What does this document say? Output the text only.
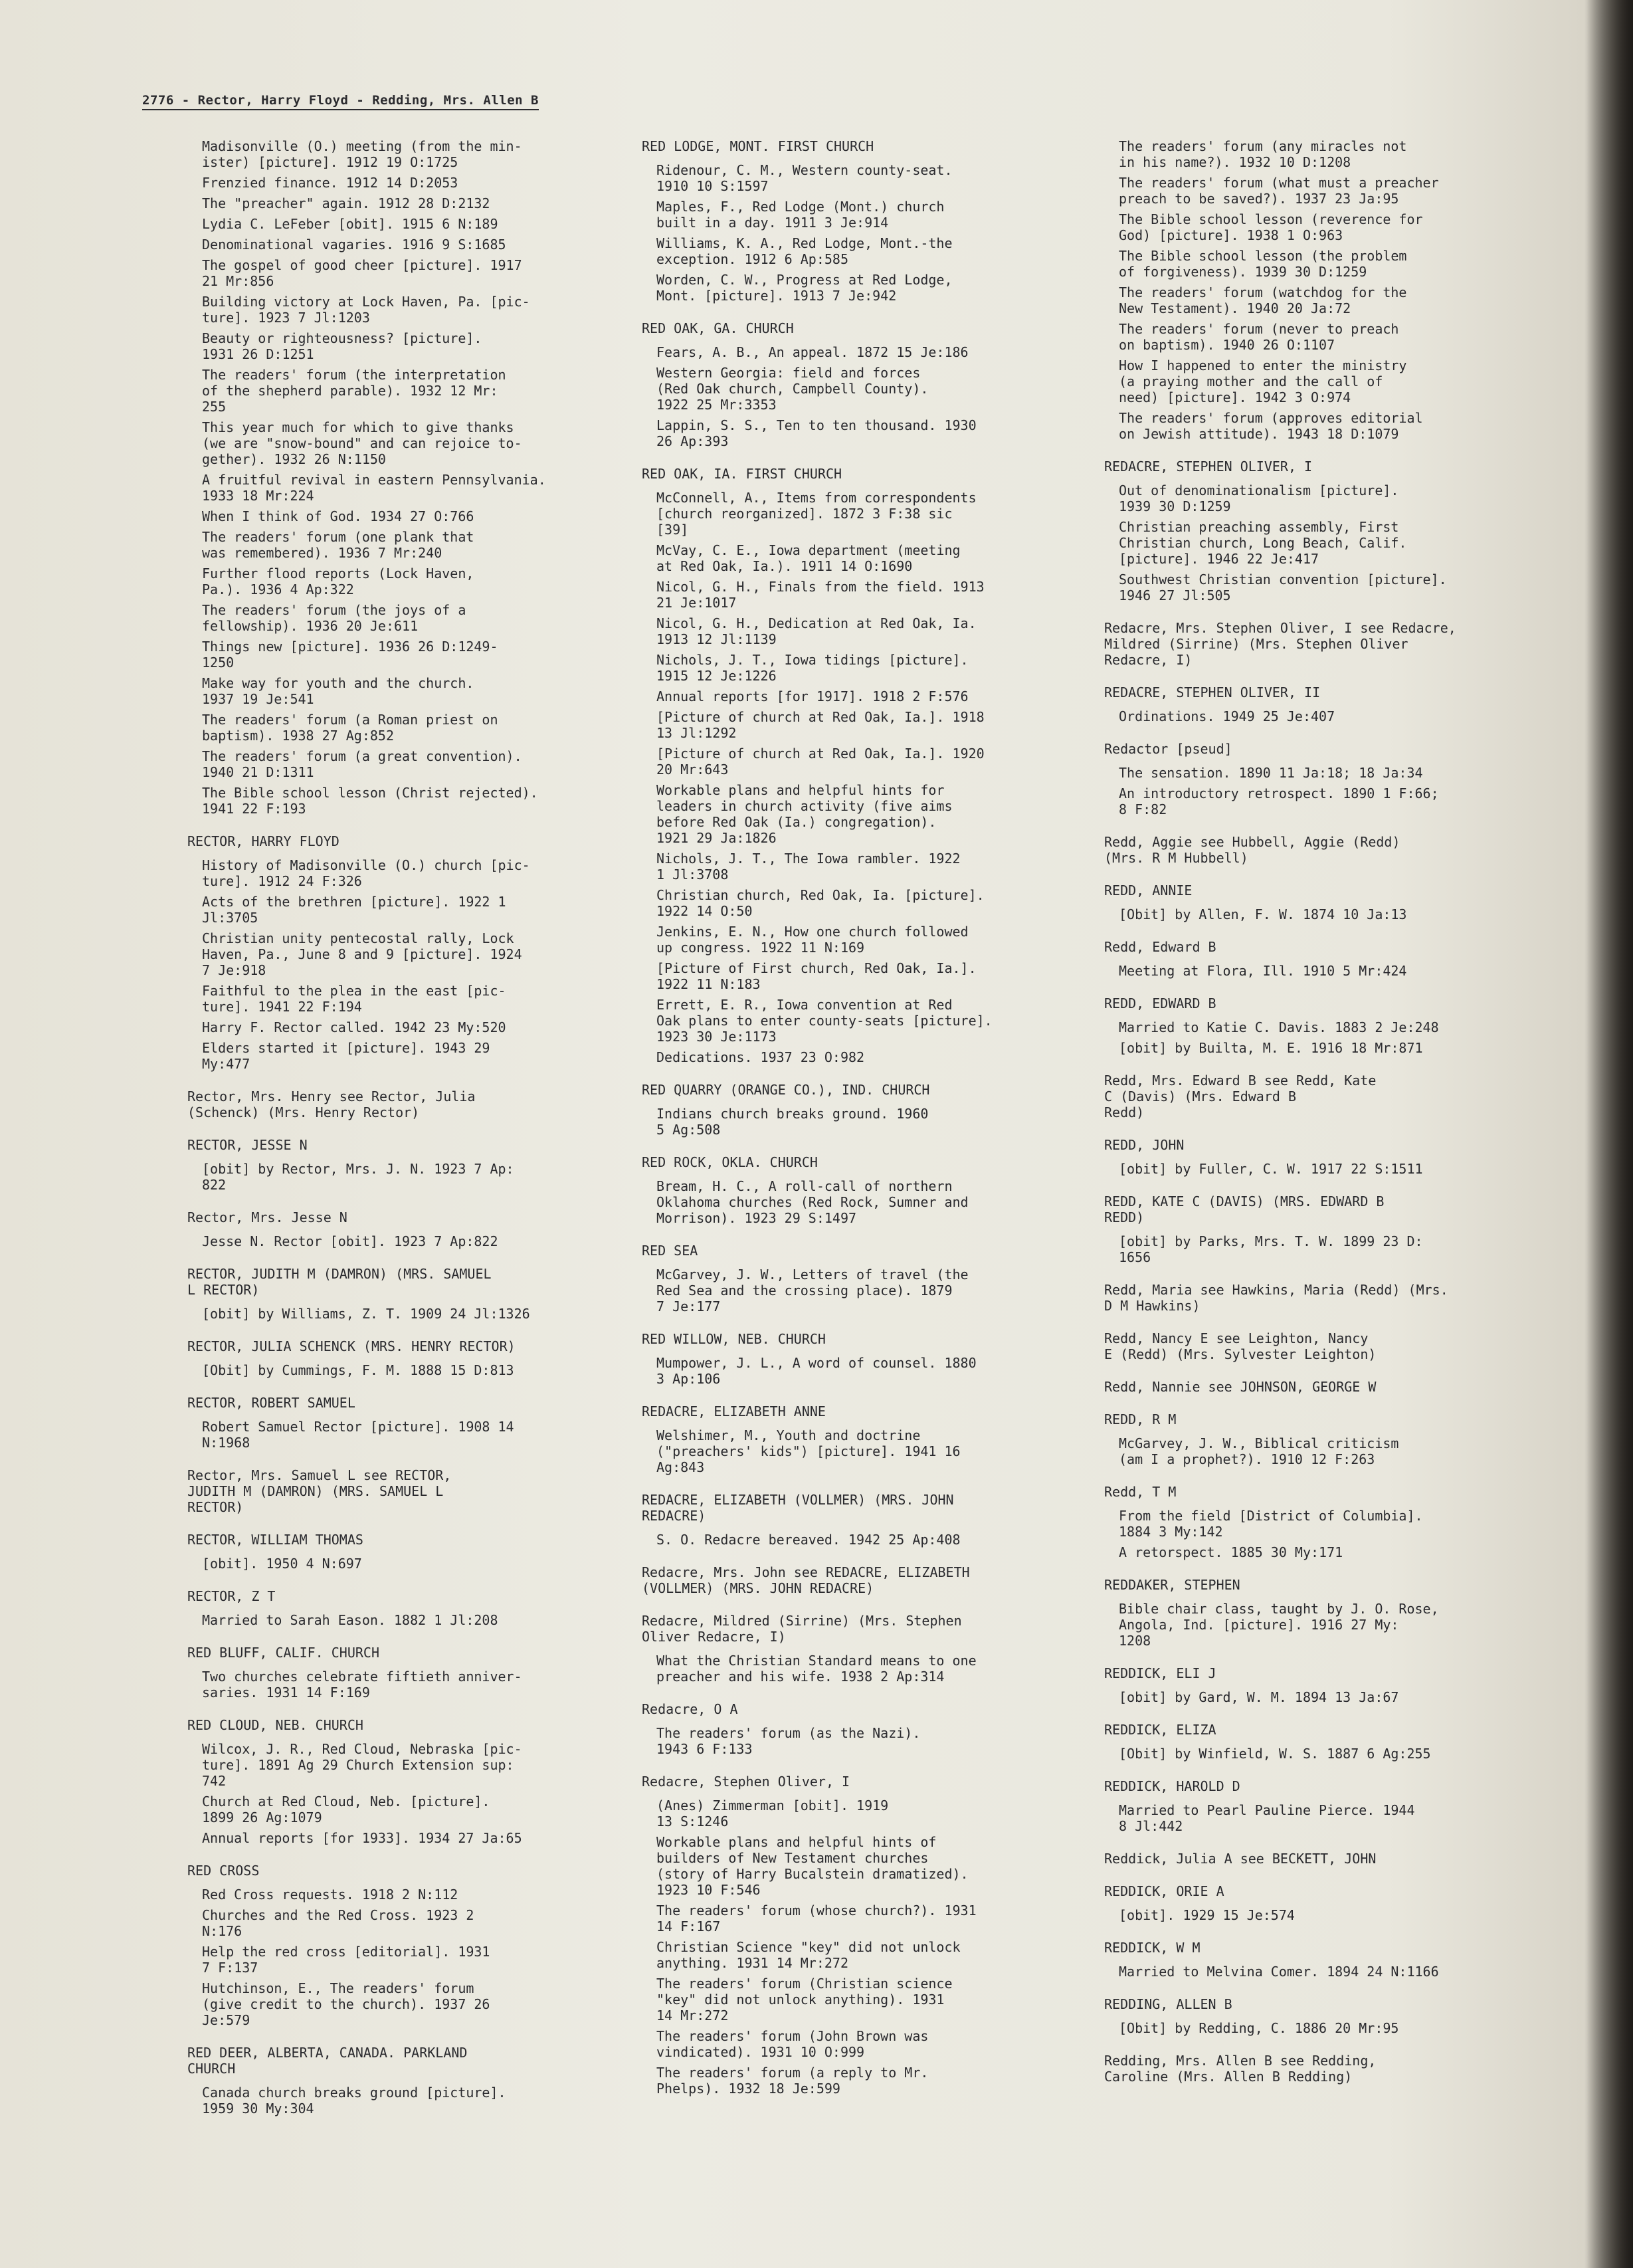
2776 - Rector, Harry Floyd - Redding, Mrs. Allen B
Madisonville (O.) meeting (from the min-
ister) [picture]. 1912 19 O:1725
Frenzied finance. 1912 14 D:2053
The "preacher" again. 1912 28 D:2132
Lydia C. LeFeber [obit]. 1915 6 N:189
Denominational vagaries. 1916 9 S:1685
The gospel of good cheer [picture]. 1917
21 Mr:856
Building victory at Lock Haven, Pa. [pic-
ture]. 1923 7 Jl:1203
Beauty or righteousness? [picture].
1931 26 D:1251
The readers' forum (the interpretation
of the shepherd parable). 1932 12 Mr:
255
This year much for which to give thanks
(we are "snow-bound" and can rejoice to-
gether). 1932 26 N:1150
A fruitful revival in eastern Pennsylvania.
1933 18 Mr:224
When I think of God. 1934 27 O:766
The readers' forum (one plank that
was remembered). 1936 7 Mr:240
Further flood reports (Lock Haven,
Pa.). 1936 4 Ap:322
The readers' forum (the joys of a
fellowship). 1936 20 Je:611
Things new [picture]. 1936 26 D:1249-
1250
Make way for youth and the church.
1937 19 Je:541
The readers' forum (a Roman priest on
baptism). 1938 27 Ag:852
The readers' forum (a great convention).
1940 21 D:1311
The Bible school lesson (Christ rejected).
1941 22 F:193
RECTOR, HARRY FLOYD
History of Madisonville (O.) church [pic-
ture]. 1912 24 F:326
Acts of the brethren [picture]. 1922 1
Jl:3705
Christian unity pentecostal rally, Lock
Haven, Pa., June 8 and 9 [picture]. 1924
7 Je:918
Faithful to the plea in the east [pic-
ture]. 1941 22 F:194
Harry F. Rector called. 1942 23 My:520
Elders started it [picture]. 1943 29
My:477
Rector, Mrs. Henry see Rector, Julia
(Schenck) (Mrs. Henry Rector)
RECTOR, JESSE N
[obit] by Rector, Mrs. J. N. 1923 7 Ap:
822
Rector, Mrs. Jesse N
Jesse N. Rector [obit]. 1923 7 Ap:822
RECTOR, JUDITH M (DAMRON) (MRS. SAMUEL
L RECTOR)
[obit] by Williams, Z. T. 1909 24 Jl:1326
RECTOR, JULIA SCHENCK (MRS. HENRY RECTOR)
[Obit] by Cummings, F. M. 1888 15 D:813
RECTOR, ROBERT SAMUEL
Robert Samuel Rector [picture]. 1908 14
N:1968
Rector, Mrs. Samuel L see RECTOR,
JUDITH M (DAMRON) (MRS. SAMUEL L
RECTOR)
RECTOR, WILLIAM THOMAS
[obit]. 1950 4 N:697
RECTOR, Z T
Married to Sarah Eason. 1882 1 Jl:208
RED BLUFF, CALIF. CHURCH
Two churches celebrate fiftieth anniver-
saries. 1931 14 F:169
RED CLOUD, NEB. CHURCH
Wilcox, J. R., Red Cloud, Nebraska [pic-
ture]. 1891 Ag 29 Church Extension sup:
742
Church at Red Cloud, Neb. [picture].
1899 26 Ag:1079
Annual reports [for 1933]. 1934 27 Ja:65
RED CROSS
Red Cross requests. 1918 2 N:112
Churches and the Red Cross. 1923 2
N:176
Help the red cross [editorial]. 1931
7 F:137
Hutchinson, E., The readers' forum
(give credit to the church). 1937 26
Je:579
RED DEER, ALBERTA, CANADA. PARKLAND
CHURCH
Canada church breaks ground [picture].
1959 30 My:304
RED LODGE, MONT. FIRST CHURCH
Ridenour, C. M., Western county-seat.
1910 10 S:1597
Maples, F., Red Lodge (Mont.) church
built in a day. 1911 3 Je:914
Williams, K. A., Red Lodge, Mont.-the
exception. 1912 6 Ap:585
Worden, C. W., Progress at Red Lodge,
Mont. [picture]. 1913 7 Je:942
RED OAK, GA. CHURCH
Fears, A. B., An appeal. 1872 15 Je:186
Western Georgia: field and forces
(Red Oak church, Campbell County).
1922 25 Mr:3353
Lappin, S. S., Ten to ten thousand. 1930
26 Ap:393
RED OAK, IA. FIRST CHURCH
McConnell, A., Items from correspondents
[church reorganized]. 1872 3 F:38 sic
[39]
McVay, C. E., Iowa department (meeting
at Red Oak, Ia.). 1911 14 O:1690
Nicol, G. H., Finals from the field. 1913
21 Je:1017
Nicol, G. H., Dedication at Red Oak, Ia.
1913 12 Jl:1139
Nichols, J. T., Iowa tidings [picture].
1915 12 Je:1226
Annual reports [for 1917]. 1918 2 F:576
[Picture of church at Red Oak, Ia.]. 1918
13 Jl:1292
[Picture of church at Red Oak, Ia.]. 1920
20 Mr:643
Workable plans and helpful hints for
leaders in church activity (five aims
before Red Oak (Ia.) congregation).
1921 29 Ja:1826
Nichols, J. T., The Iowa rambler. 1922
1 Jl:3708
Christian church, Red Oak, Ia. [picture].
1922 14 O:50
Jenkins, E. N., How one church followed
up congress. 1922 11 N:169
[Picture of First church, Red Oak, Ia.].
1922 11 N:183
Errett, E. R., Iowa convention at Red
Oak plans to enter county-seats [picture].
1923 30 Je:1173
Dedications. 1937 23 O:982
RED QUARRY (ORANGE CO.), IND. CHURCH
Indians church breaks ground. 1960
5 Ag:508
RED ROCK, OKLA. CHURCH
Bream, H. C., A roll-call of northern
Oklahoma churches (Red Rock, Sumner and
Morrison). 1923 29 S:1497
RED SEA
McGarvey, J. W., Letters of travel (the
Red Sea and the crossing place). 1879
7 Je:177
RED WILLOW, NEB. CHURCH
Mumpower, J. L., A word of counsel. 1880
3 Ap:106
REDACRE, ELIZABETH ANNE
Welshimer, M., Youth and doctrine
("preachers' kids") [picture]. 1941 16
Ag:843
REDACRE, ELIZABETH (VOLLMER) (MRS. JOHN
REDACRE)
S. O. Redacre bereaved. 1942 25 Ap:408
Redacre, Mrs. John see REDACRE, ELIZABETH
(VOLLMER) (MRS. JOHN REDACRE)
Redacre, Mildred (Sirrine) (Mrs. Stephen
Oliver Redacre, I)
What the Christian Standard means to one
preacher and his wife. 1938 2 Ap:314
Redacre, O A
The readers' forum (as the Nazi).
1943 6 F:133
Redacre, Stephen Oliver, I
(Anes) Zimmerman [obit]. 1919
13 S:1246
Workable plans and helpful hints of
builders of New Testament churches
(story of Harry Bucalstein dramatized).
1923 10 F:546
The readers' forum (whose church?). 1931
14 F:167
Christian Science "key" did not unlock
anything. 1931 14 Mr:272
The readers' forum (Christian science
"key" did not unlock anything). 1931
14 Mr:272
The readers' forum (John Brown was
vindicated). 1931 10 O:999
The readers' forum (a reply to Mr.
Phelps). 1932 18 Je:599
The readers' forum (any miracles not
in his name?). 1932 10 D:1208
The readers' forum (what must a preacher
preach to be saved?). 1937 23 Ja:95
The Bible school lesson (reverence for
God) [picture]. 1938 1 O:963
The Bible school lesson (the problem
of forgiveness). 1939 30 D:1259
The readers' forum (watchdog for the
New Testament). 1940 20 Ja:72
The readers' forum (never to preach
on baptism). 1940 26 O:1107
How I happened to enter the ministry
(a praying mother and the call of
need) [picture]. 1942 3 O:974
The readers' forum (approves editorial
on Jewish attitude). 1943 18 D:1079
REDACRE, STEPHEN OLIVER, I
Out of denominationalism [picture].
1939 30 D:1259
Christian preaching assembly, First
Christian church, Long Beach, Calif.
[picture]. 1946 22 Je:417
Southwest Christian convention [picture].
1946 27 Jl:505
Redacre, Mrs. Stephen Oliver, I see Redacre,
Mildred (Sirrine) (Mrs. Stephen Oliver
Redacre, I)
REDACRE, STEPHEN OLIVER, II
Ordinations. 1949 25 Je:407
Redactor [pseud]
The sensation. 1890 11 Ja:18; 18 Ja:34
An introductory retrospect. 1890 1 F:66;
8 F:82
Redd, Aggie see Hubbell, Aggie (Redd)
(Mrs. R M Hubbell)
REDD, ANNIE
[Obit] by Allen, F. W. 1874 10 Ja:13
Redd, Edward B
Meeting at Flora, Ill. 1910 5 Mr:424
REDD, EDWARD B
Married to Katie C. Davis. 1883 2 Je:248
[obit] by Builta, M. E. 1916 18 Mr:871
Redd, Mrs. Edward B see Redd, Kate
C (Davis) (Mrs. Edward B
Redd)
REDD, JOHN
[obit] by Fuller, C. W. 1917 22 S:1511
REDD, KATE C (DAVIS) (MRS. EDWARD B
REDD)
[obit] by Parks, Mrs. T. W. 1899 23 D:
1656
Redd, Maria see Hawkins, Maria (Redd) (Mrs.
D M Hawkins)
Redd, Nancy E see Leighton, Nancy
E (Redd) (Mrs. Sylvester Leighton)
Redd, Nannie see JOHNSON, GEORGE W
REDD, R M
McGarvey, J. W., Biblical criticism
(am I a prophet?). 1910 12 F:263
Redd, T M
From the field [District of Columbia].
1884 3 My:142
A retorspect. 1885 30 My:171
REDDAKER, STEPHEN
Bible chair class, taught by J. O. Rose,
Angola, Ind. [picture]. 1916 27 My:
1208
REDDICK, ELI J
[obit] by Gard, W. M. 1894 13 Ja:67
REDDICK, ELIZA
[Obit] by Winfield, W. S. 1887 6 Ag:255
REDDICK, HAROLD D
Married to Pearl Pauline Pierce. 1944
8 Jl:442
Reddick, Julia A see BECKETT, JOHN
REDDICK, ORIE A
[obit]. 1929 15 Je:574
REDDICK, W M
Married to Melvina Comer. 1894 24 N:1166
REDDING, ALLEN B
[Obit] by Redding, C. 1886 20 Mr:95
Redding, Mrs. Allen B see Redding,
Caroline (Mrs. Allen B Redding)
